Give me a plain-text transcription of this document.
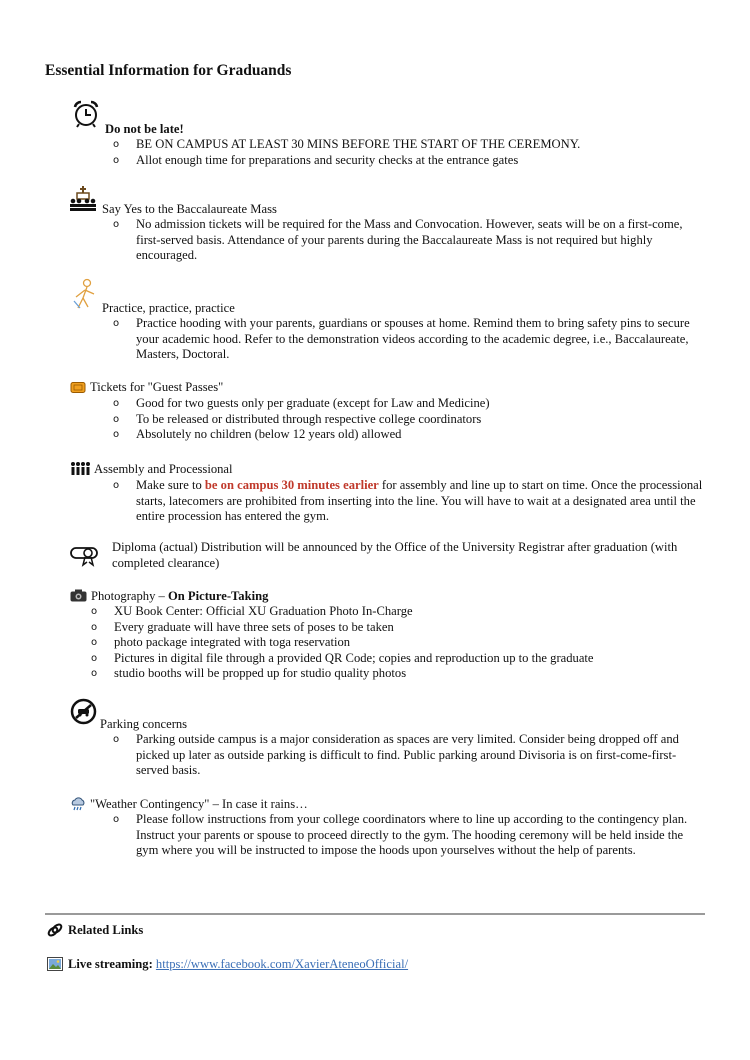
Essential Information for Graduands
Do not be late!
o BE ON CAMPUS AT LEAST 30 MINS BEFORE THE START OF THE CEREMONY.
o Allot enough time for preparations and security checks at the entrance gates
Say Yes to the Baccalaureate Mass
o No admission tickets will be required for the Mass and Convocation. However, seats will be on a first-come, first-served basis. Attendance of your parents during the Baccalaureate Mass is not required but highly encouraged.
Practice, practice, practice
o Practice hooding with your parents, guardians or spouses at home. Remind them to bring safety pins to secure your academic hood. Refer to the demonstration videos according to the academic degree, i.e., Baccalaureate, Masters, Doctoral.
Tickets for "Guest Passes"
o Good for two guests only per graduate (except for Law and Medicine)
o To be released or distributed through respective college coordinators
o Absolutely no children (below 12 years old) allowed
Assembly and Processional
o Make sure to be on campus 30 minutes earlier for assembly and line up to start on time. Once the processional starts, latecomers are prohibited from inserting into the line. You will have to wait at a designated area until the entire procession has entered the gym.
Diploma (actual) Distribution will be announced by the Office of the University Registrar after graduation (with completed clearance)
Photography – On Picture-Taking
o XU Book Center: Official XU Graduation Photo In-Charge
o Every graduate will have three sets of poses to be taken
o photo package integrated with toga reservation
o Pictures in digital file through a provided QR Code; copies and reproduction up to the graduate
o studio booths will be propped up for studio quality photos
Parking concerns
o Parking outside campus is a major consideration as spaces are very limited. Consider being dropped off and picked up later as outside parking is difficult to find. Public parking around Divisoria is on first-come-first-served basis.
"Weather Contingency" – In case it rains…
o Please follow instructions from your college coordinators where to line up according to the contingency plan. Instruct your parents or spouse to proceed directly to the gym. The hooding ceremony will be held inside the gym where you will be instructed to impose the hoods upon yourselves without the help of parents.
Related Links
Live streaming: https://www.facebook.com/XavierAteneoOfficial/
